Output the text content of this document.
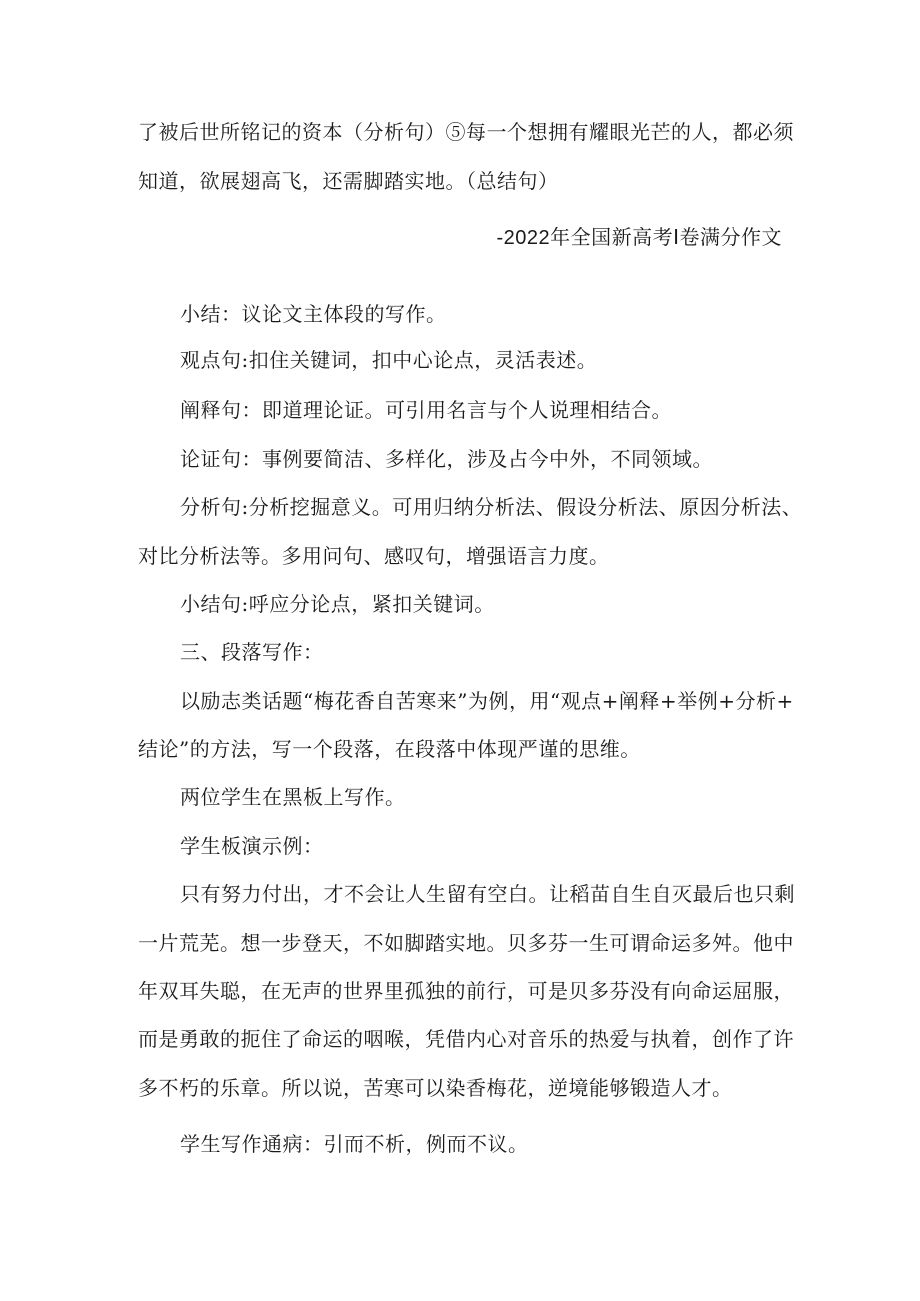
了被后世所铭记的资本（分析句）⑤每一个想拥有耀眼光芒的人，都必须
知道，欲展翅高飞，还需脚踏实地。（总结句）
-2022年全国新高考Ⅰ卷满分作文
小结：议论文主体段的写作。
观点句:扣住关键词，扣中心论点，灵活表述。
阐释句：即道理论证。可引用名言与个人说理相结合。
论证句：事例要简洁、多样化，涉及占今中外，不同领域。
分析句:分析挖掘意义。可用归纳分析法、假设分析法、原因分析法、
对比分析法等。多用问句、感叹句，增强语言力度。
小结句:呼应分论点，紧扣关键词。
三、段落写作：
以励志类话题“梅花香自苦寒来”为例，用“观点+阐释+举例+分析+
结论”的方法，写一个段落，在段落中体现严谨的思维。
两位学生在黑板上写作。
学生板演示例：
只有努力付出，才不会让人生留有空白。让稻苗自生自灭最后也只剩
一片荒芜。想一步登天，不如脚踏实地。贝多芬一生可谓命运多舛。他中
年双耳失聪，在无声的世界里孤独的前行，可是贝多芬没有向命运屈服，
而是勇敢的扼住了命运的咽喉，凭借内心对音乐的热爱与执着，创作了许
多不朽的乐章。所以说，苦寒可以染香梅花，逆境能够锻造人才。
学生写作通病：引而不析，例而不议。
